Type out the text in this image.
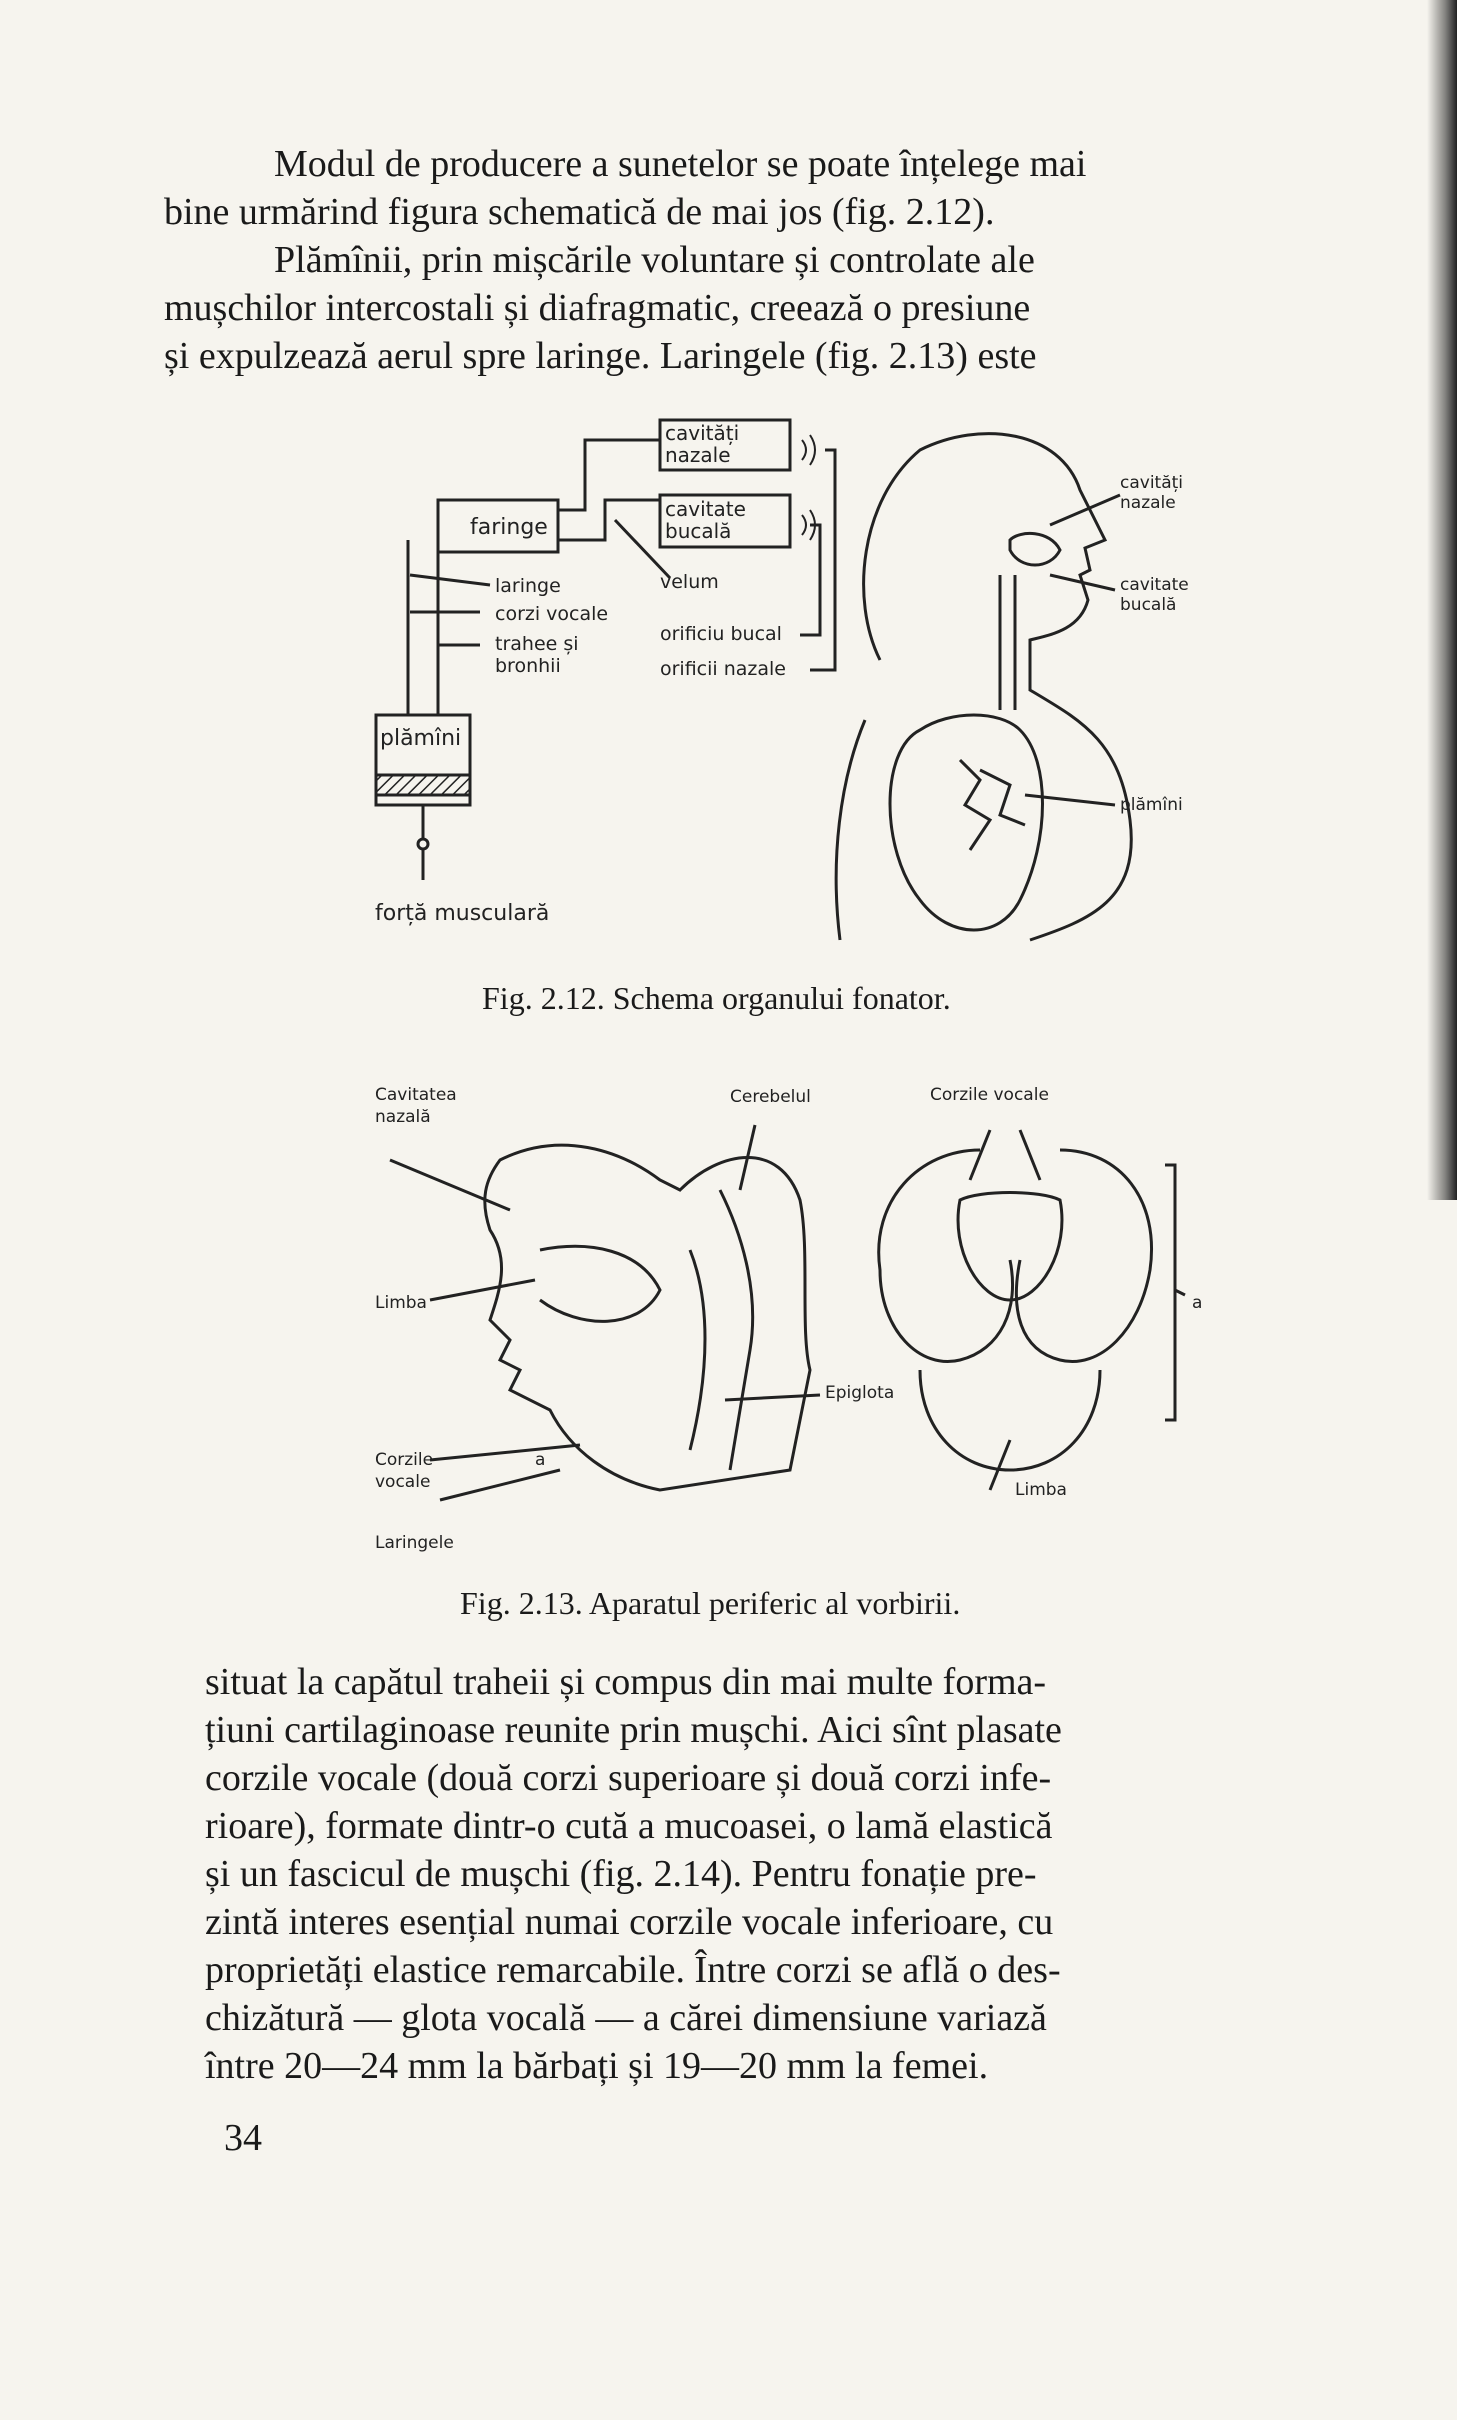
Modul de producere a sunetelor se poate înțelege mai
bine urmărind figura schematică de mai jos (fig. 2.12).
Plămînii, prin mișcările voluntare și controlate ale
mușchilor intercostali și diafragmatic, creează o presiune
și expulzează aerul spre laringe. Laringele (fig. 2.13) este
cavități
nazale
cavitate
bucală
faringe
laringe
corzi vocale
trahee și
bronhii
velum
orificiu bucal
orificii nazale
plămîni
forță musculară
cavități
nazale
cavitate
bucală
plămîni
Fig. 2.12. Schema organului fonator.
Cavitatea
nazală
Cerebelul	Corzile vocale
Limba
Epiglota
Corzile
vocale
a
Laringele
a
Limba
Fig. 2.13. Aparatul periferic al vorbirii.
situat la capătul traheii și compus din mai multe forma-
țiuni cartilaginoase reunite prin mușchi. Aici sînt plasate
corzile vocale (două corzi superioare și două corzi infe-
rioare), formate dintr-o cută a mucoasei, o lamă elastică
și un fascicul de mușchi (fig. 2.14). Pentru fonație pre-
zintă interes esențial numai corzile vocale inferioare, cu
proprietăți elastice remarcabile. Între corzi se află o des-
chizătură — glota vocală — a cărei dimensiune variază
între 20—24 mm la bărbați și 19—20 mm la femei.
34
